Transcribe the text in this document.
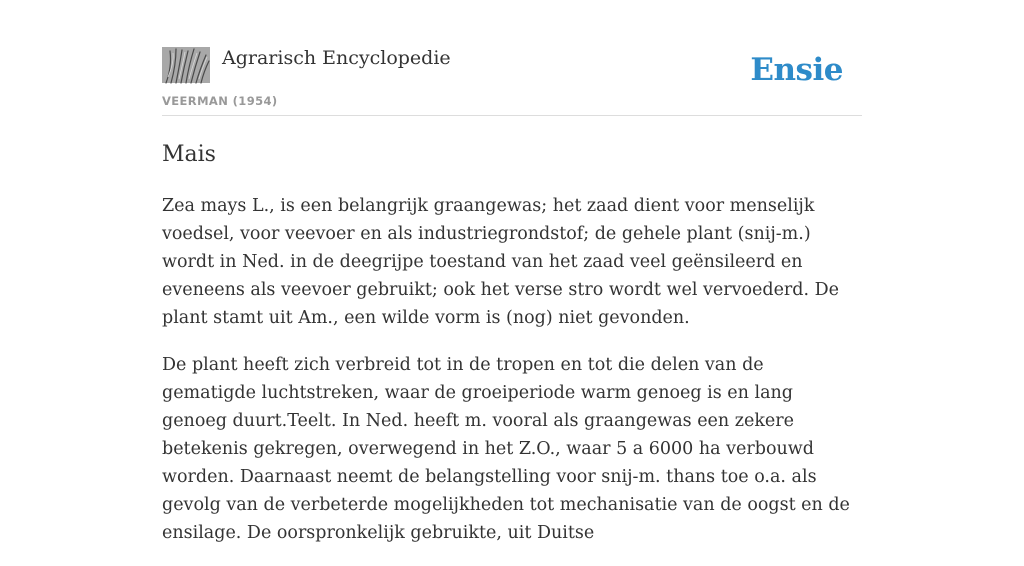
Agrarisch Encyclopedie
VEERMAN (1954)
Ensie
Mais

Zea mays L., is een belangrijk graangewas; het zaad dient voor menselijk voedsel, voor veevoer en als industriegrondstof; de gehele plant (snij-m.) wordt in Ned. in de deegrijpe toestand van het zaad veel geënsileerd en eveneens als veevoer gebruikt; ook het verse stro wordt wel vervoederd. De plant stamt uit Am., een wilde vorm is (nog) niet gevonden.

De plant heeft zich verbreid tot in de tropen en tot die delen van de gematigde luchtstreken, waar de groeiperiode warm genoeg is en lang genoeg duurt.Teelt. In Ned. heeft m. vooral als graangewas een zekere betekenis gekregen, overwegend in het Z.O., waar 5 a 6000 ha verbouwd worden. Daarnaast neemt de belangstelling voor snij-m. thans toe o.a. als gevolg van de verbeterde mogelijkheden tot mechanisatie van de oogst en de ensilage. De oorspronkelijk gebruikte, uit Duitse
